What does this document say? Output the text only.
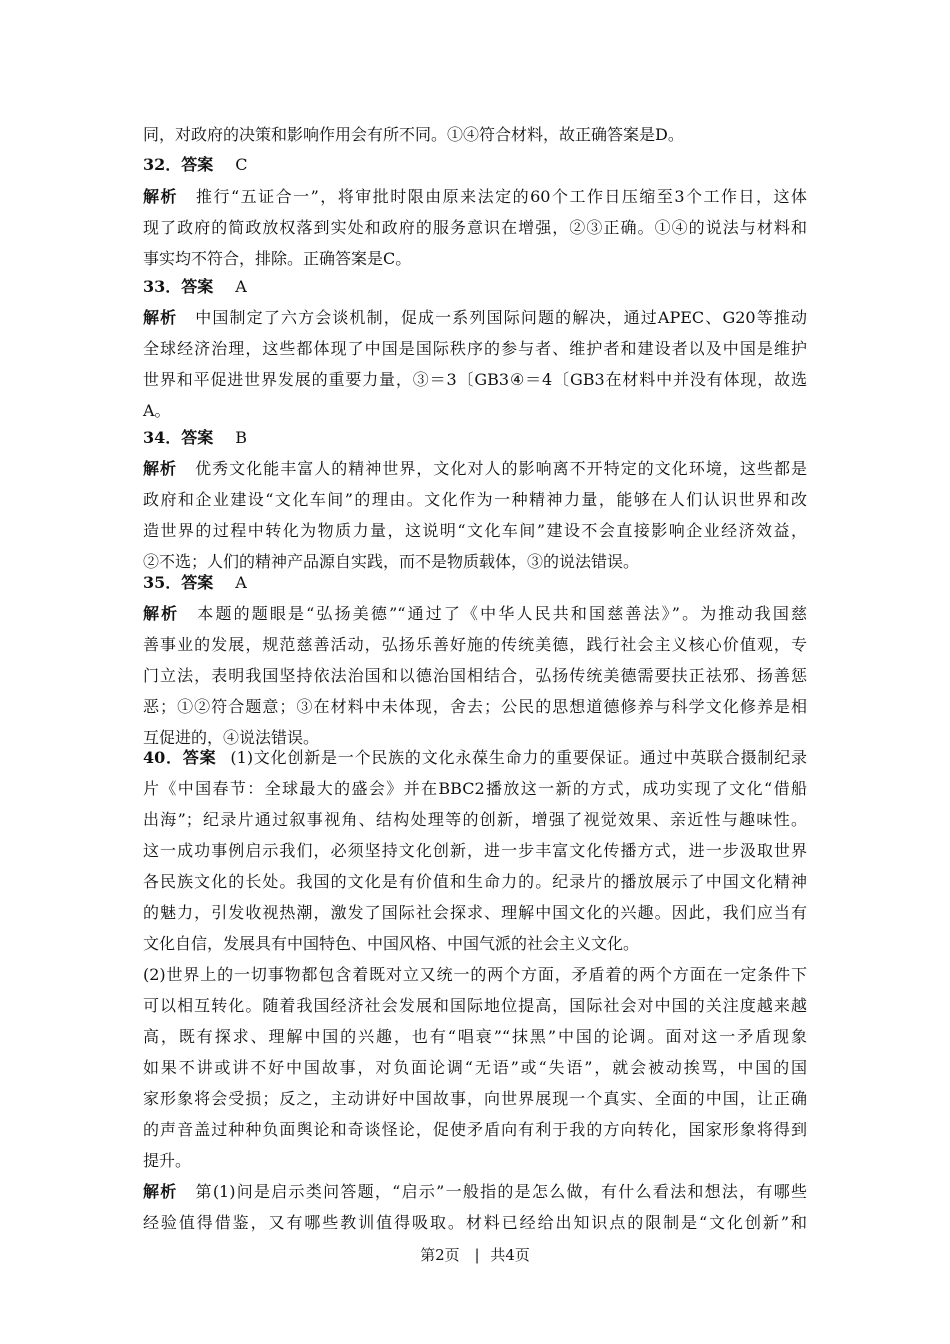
同，对政府的决策和影响作用会有所不同。①④符合材料，故正确答案是D。
32．答案 C
解析 推行“五证合一”，将审批时限由原来法定的60个工作日压缩至3个工作日，这体
现了政府的简政放权落到实处和政府的服务意识在增强，②③正确。①④的说法与材料和
事实均不符合，排除。正确答案是C。
33．答案 A
解析 中国制定了六方会谈机制，促成一系列国际问题的解决，通过APEC、G20等推动
全球经济治理，这些都体现了中国是国际秩序的参与者、维护者和建设者以及中国是维护
世界和平促进世界发展的重要力量，③＝3〔GB3④＝4〔GB3在材料中并没有体现，故选
A。
34．答案 B
解析 优秀文化能丰富人的精神世界，文化对人的影响离不开特定的文化环境，这些都是
政府和企业建设“文化车间”的理由。文化作为一种精神力量，能够在人们认识世界和改
造世界的过程中转化为物质力量，这说明“文化车间”建设不会直接影响企业经济效益，
②不选；人们的精神产品源自实践，而不是物质载体，③的说法错误。
35．答案 A
解析 本题的题眼是“弘扬美德”“通过了《中华人民共和国慈善法》”。为推动我国慈
善事业的发展，规范慈善活动，弘扬乐善好施的传统美德，践行社会主义核心价值观，专
门立法，表明我国坚持依法治国和以德治国相结合，弘扬传统美德需要扶正祛邪、扬善惩
恶；①②符合题意；③在材料中未体现，舍去；公民的思想道德修养与科学文化修养是相
互促进的，④说法错误。
40．答案 (1)文化创新是一个民族的文化永葆生命力的重要保证。通过中英联合摄制纪录
片《中国春节：全球最大的盛会》并在BBC2播放这一新的方式，成功实现了文化“借船
出海”；纪录片通过叙事视角、结构处理等的创新，增强了视觉效果、亲近性与趣味性。
这一成功事例启示我们，必须坚持文化创新，进一步丰富文化传播方式，进一步汲取世界
各民族文化的长处。我国的文化是有价值和生命力的。纪录片的播放展示了中国文化精神
的魅力，引发收视热潮，激发了国际社会探求、理解中国文化的兴趣。因此，我们应当有
文化自信，发展具有中国特色、中国风格、中国气派的社会主义文化。
(2)世界上的一切事物都包含着既对立又统一的两个方面，矛盾着的两个方面在一定条件下
可以相互转化。随着我国经济社会发展和国际地位提高，国际社会对中国的关注度越来越
高，既有探求、理解中国的兴趣，也有“唱衰”“抹黑”中国的论调。面对这一矛盾现象
如果不讲或讲不好中国故事，对负面论调“无语”或“失语”，就会被动挨骂，中国的国
家形象将会受损；反之，主动讲好中国故事，向世界展现一个真实、全面的中国，让正确
的声音盖过种种负面舆论和奇谈怪论，促使矛盾向有利于我的方向转化，国家形象将得到
提升。
解析 第(1)问是启示类问答题，“启示”一般指的是怎么做，有什么看法和想法，有哪些
经验值得借鉴，又有哪些教训值得吸取。材料已经给出知识点的限制是“文化创新”和
第2页 | 共4页
